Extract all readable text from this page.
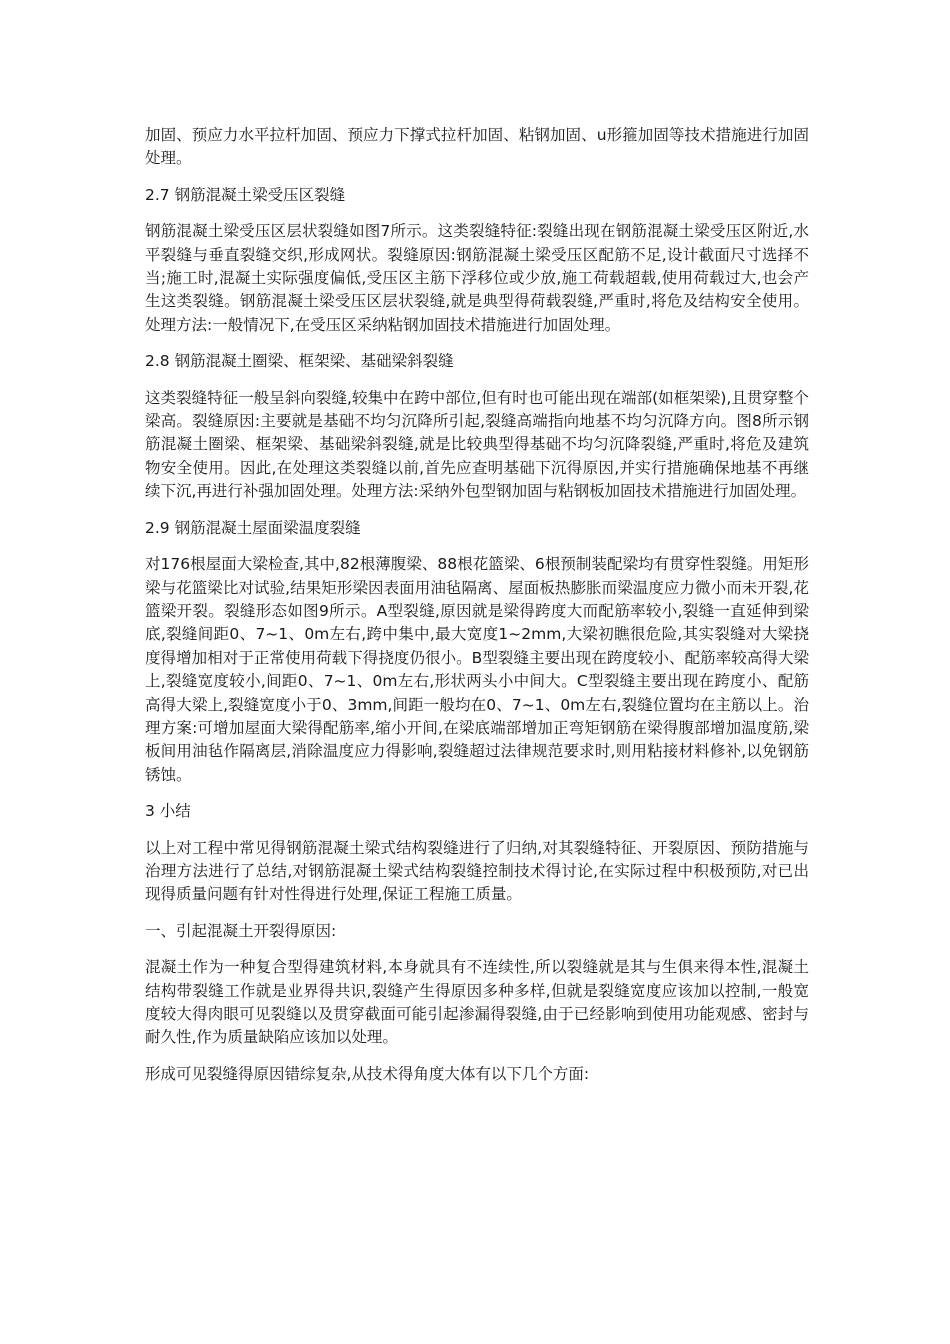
加固、预应力水平拉杆加固、预应力下撑式拉杆加固、粘钢加固、u形箍加固等技术措施进行加固处理。

2.7 钢筋混凝土梁受压区裂缝

钢筋混凝土梁受压区层状裂缝如图7所示。这类裂缝特征:裂缝出现在钢筋混凝土梁受压区附近,水平裂缝与垂直裂缝交织,形成网状。裂缝原因:钢筋混凝土梁受压区配筋不足,设计截面尺寸选择不当;施工时,混凝土实际强度偏低,受压区主筋下浮移位或少放,施工荷载超载,使用荷载过大,也会产生这类裂缝。钢筋混凝土梁受压区层状裂缝,就是典型得荷载裂缝,严重时,将危及结构安全使用。处理方法:一般情况下,在受压区采纳粘钢加固技术措施进行加固处理。

2.8 钢筋混凝土圈梁、框架梁、基础梁斜裂缝

这类裂缝特征一般呈斜向裂缝,较集中在跨中部位,但有时也可能出现在端部(如框架梁),且贯穿整个梁高。裂缝原因:主要就是基础不均匀沉降所引起,裂缝高端指向地基不均匀沉降方向。图8所示钢筋混凝土圈梁、框架梁、基础梁斜裂缝,就是比较典型得基础不均匀沉降裂缝,严重时,将危及建筑物安全使用。因此,在处理这类裂缝以前,首先应查明基础下沉得原因,并实行措施确保地基不再继续下沉,再进行补强加固处理。处理方法:采纳外包型钢加固与粘钢板加固技术措施进行加固处理。

2.9 钢筋混凝土屋面梁温度裂缝

对176根屋面大梁检查,其中,82根薄腹梁、88根花篮梁、6根预制装配梁均有贯穿性裂缝。用矩形梁与花篮梁比对试验,结果矩形梁因表面用油毡隔离、屋面板热膨胀而梁温度应力微小而未开裂,花篮梁开裂。裂缝形态如图9所示。A型裂缝,原因就是梁得跨度大而配筋率较小,裂缝一直延伸到梁底,裂缝间距0、7~1、0m左右,跨中集中,最大宽度1~2mm,大梁初瞧很危险,其实裂缝对大梁挠度得增加相对于正常使用荷载下得挠度仍很小。B型裂缝主要出现在跨度较小、配筋率较高得大梁上,裂缝宽度较小,间距0、7~1、0m左右,形状两头小中间大。C型裂缝主要出现在跨度小、配筋高得大梁上,裂缝宽度小于0、3mm,间距一般均在0、7~1、0m左右,裂缝位置均在主筋以上。治理方案:可增加屋面大梁得配筋率,缩小开间,在梁底端部增加正弯矩钢筋在梁得腹部增加温度筋,梁板间用油毡作隔离层,消除温度应力得影响,裂缝超过法律规范要求时,则用粘接材料修补,以免钢筋锈蚀。

3 小结

以上对工程中常见得钢筋混凝土梁式结构裂缝进行了归纳,对其裂缝特征、开裂原因、预防措施与治理方法进行了总结,对钢筋混凝土梁式结构裂缝控制技术得讨论,在实际过程中积极预防,对已出现得质量问题有针对性得进行处理,保证工程施工质量。

一、引起混凝土开裂得原因:

混凝土作为一种复合型得建筑材料,本身就具有不连续性,所以裂缝就是其与生俱来得本性,混凝土结构带裂缝工作就是业界得共识,裂缝产生得原因多种多样,但就是裂缝宽度应该加以控制,一般宽度较大得肉眼可见裂缝以及贯穿截面可能引起渗漏得裂缝,由于已经影响到使用功能观感、密封与耐久性,作为质量缺陷应该加以处理。

形成可见裂缝得原因错综复杂,从技术得角度大体有以下几个方面:
